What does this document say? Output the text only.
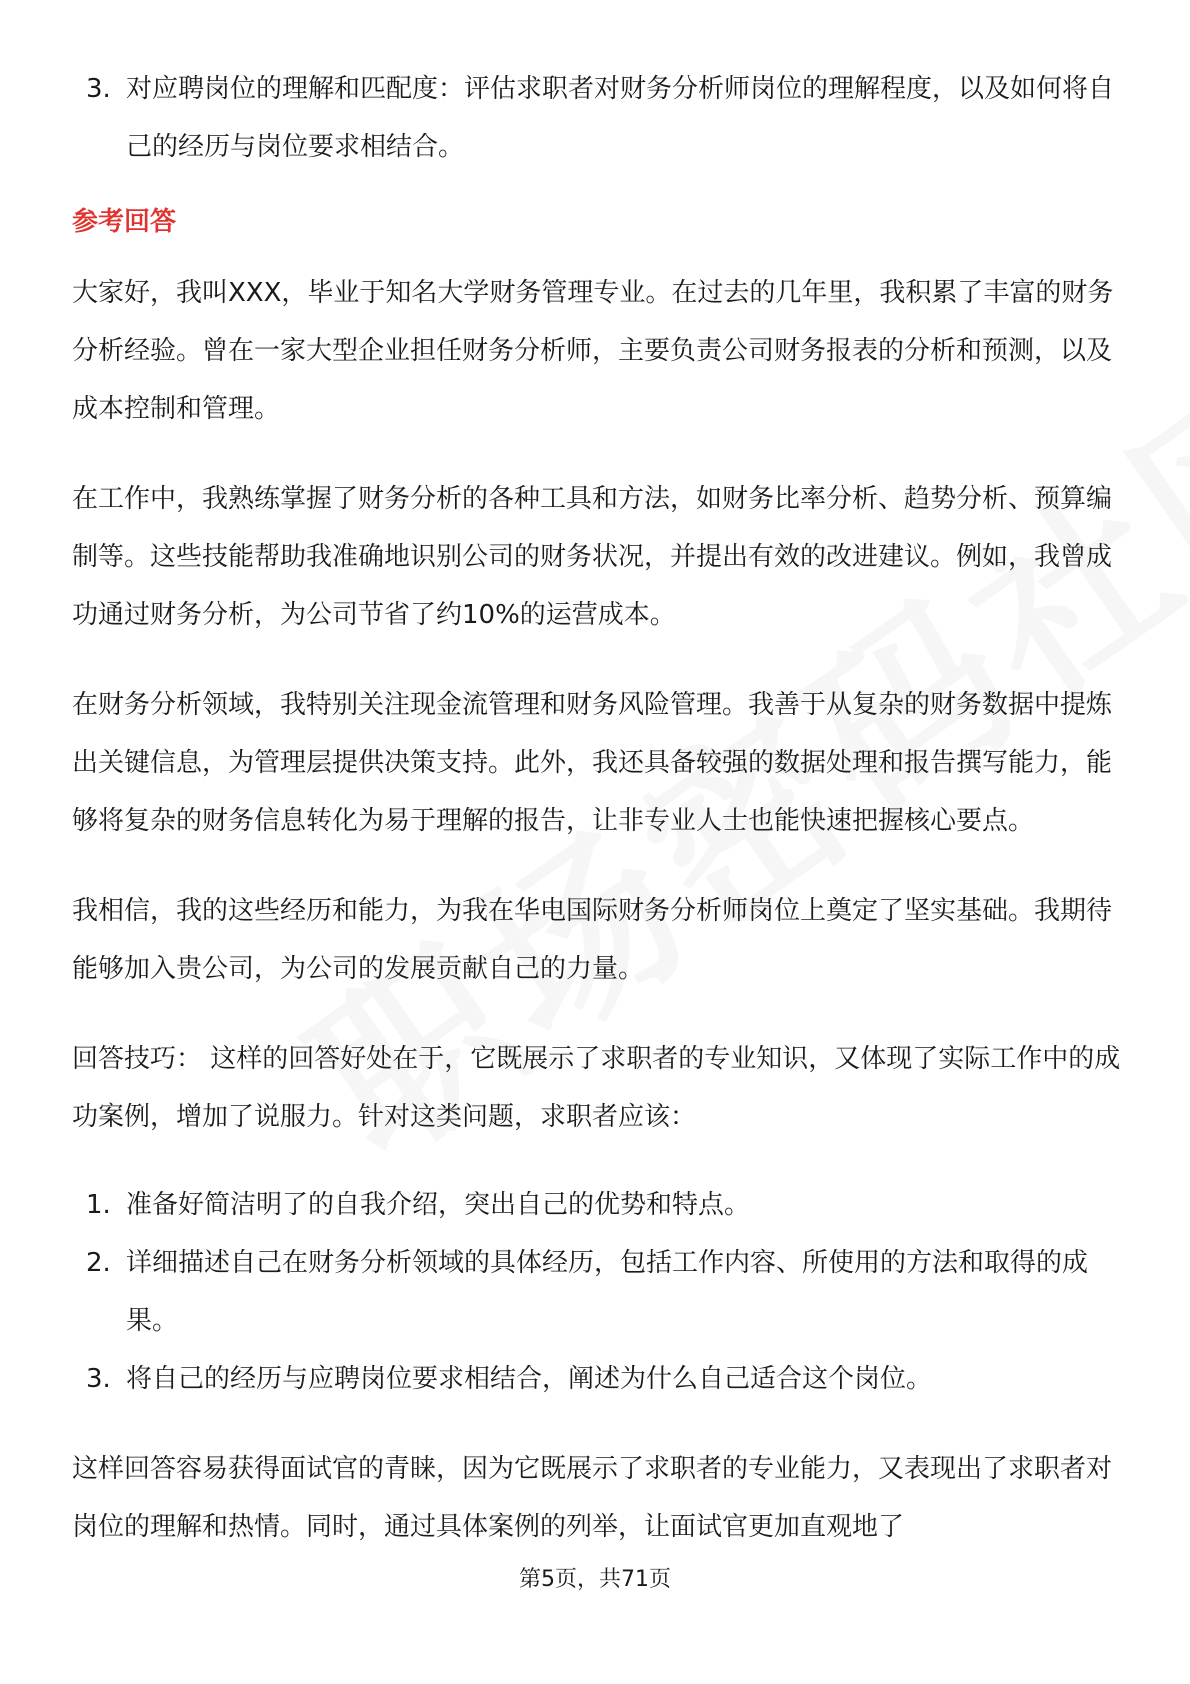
3. 对应聘岗位的理解和匹配度：评估求职者对财务分析师岗位的理解程度，以及如何将自己的经历与岗位要求相结合。
参考回答

大家好，我叫XXX，毕业于知名大学财务管理专业。在过去的几年里，我积累了丰富的财务分析经验。曾在一家大型企业担任财务分析师，主要负责公司财务报表的分析和预测，以及成本控制和管理。

在工作中，我熟练掌握了财务分析的各种工具和方法，如财务比率分析、趋势分析、预算编制等。这些技能帮助我准确地识别公司的财务状况，并提出有效的改进建议。例如，我曾成功通过财务分析，为公司节省了约10%的运营成本。

在财务分析领域，我特别关注现金流管理和财务风险管理。我善于从复杂的财务数据中提炼出关键信息，为管理层提供决策支持。此外，我还具备较强的数据处理和报告撰写能力，能够将复杂的财务信息转化为易于理解的报告，让非专业人士也能快速把握核心要点。

我相信，我的这些经历和能力，为我在华电国际财务分析师岗位上奠定了坚实基础。我期待能够加入贵公司，为公司的发展贡献自己的力量。

回答技巧： 这样的回答好处在于，它既展示了求职者的专业知识，又体现了实际工作中的成功案例，增加了说服力。针对这类问题，求职者应该：

1. 准备好简洁明了的自我介绍，突出自己的优势和特点。
2. 详细描述自己在财务分析领域的具体经历，包括工作内容、所使用的方法和取得的成果。
3. 将自己的经历与应聘岗位要求相结合，阐述为什么自己适合这个岗位。

这样回答容易获得面试官的青睐，因为它既展示了求职者的专业能力，又表现出了求职者对岗位的理解和热情。同时，通过具体案例的列举，让面试官更加直观地了

第5页，共71页
